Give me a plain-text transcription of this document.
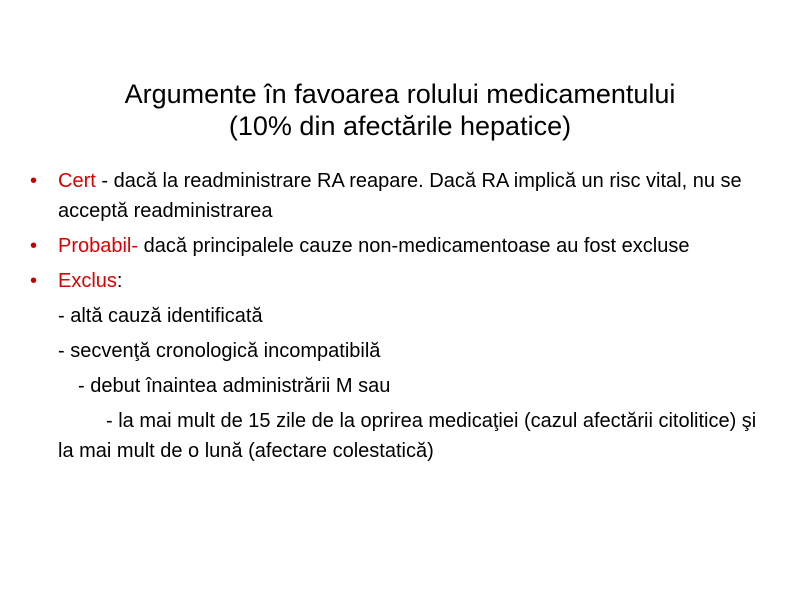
Argumente în favoarea rolului medicamentului
(10% din afectările hepatice)
• Cert - dacă la readministrare RA reapare. Dacă RA implică un risc vital, nu se acceptă readministrarea
• Probabil- dacă principalele cauze non-medicamentoase au fost excluse
• Exclus:
- altă cauză identificată
- secvenţă cronologică incompatibilă
- debut înaintea administrării M sau
- la mai mult de 15 zile de la oprirea medicaţiei (cazul afectării citolitice) şi la mai mult de o lună (afectare colestatică)
